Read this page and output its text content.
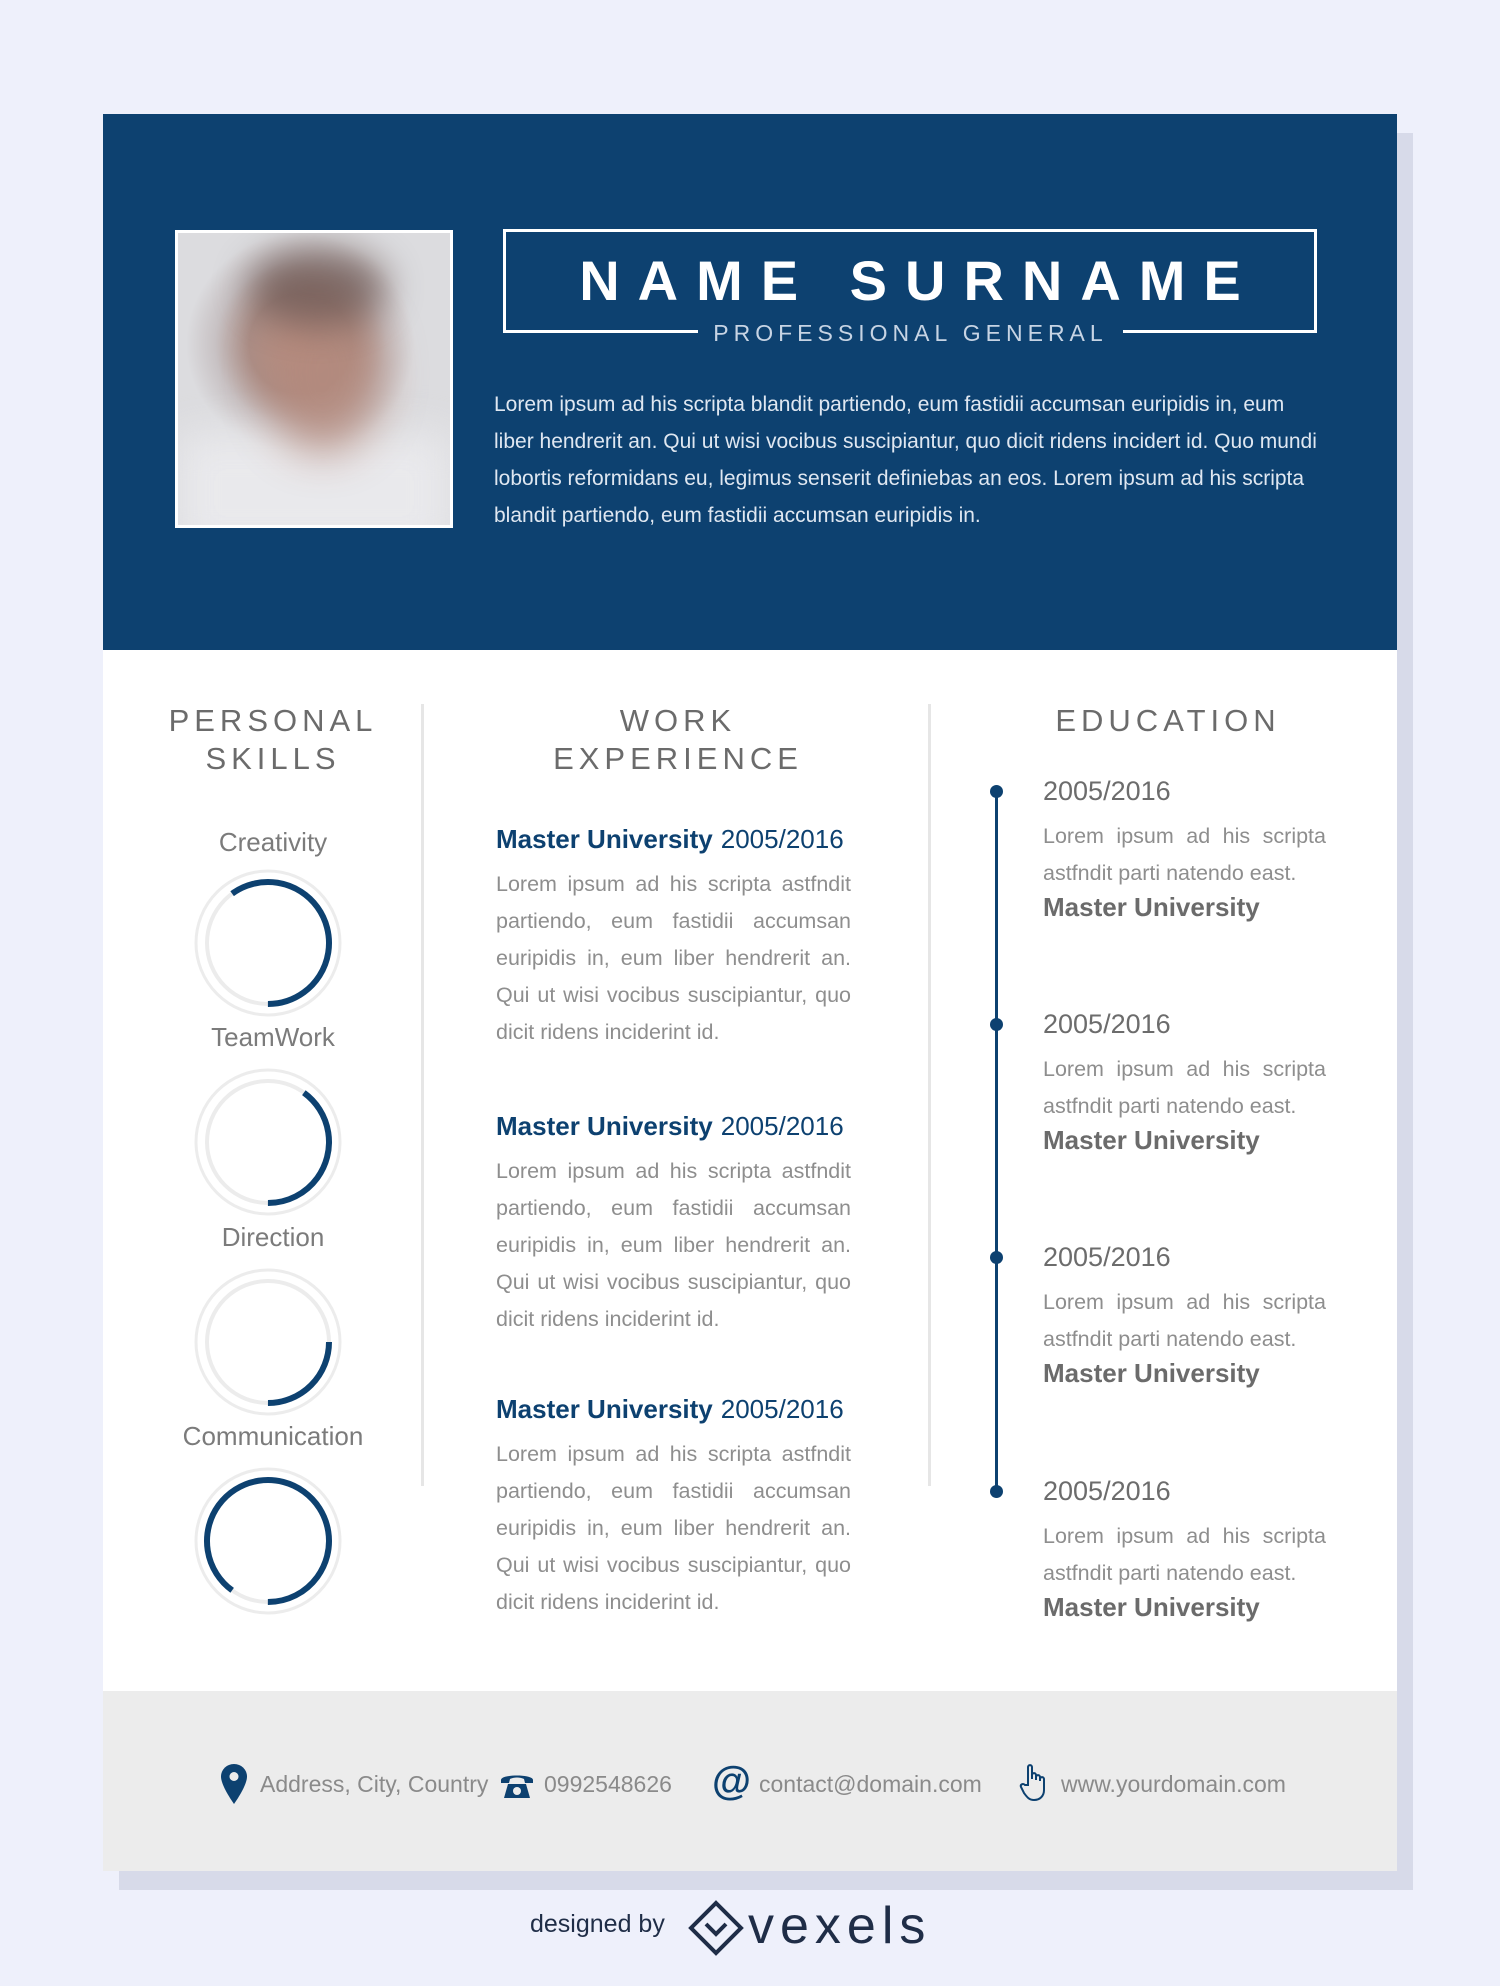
NAME SURNAME
PROFESSIONAL GENERAL
Lorem ipsum ad his scripta blandit partiendo, eum fastidii accumsan euripidis in, eum liber hendrerit an. Qui ut wisi vocibus suscipiantur, quo dicit ridens incidert id. Quo mundi lobortis reformidans eu, legimus senserit definiebas an eos. Lorem ipsum ad his scripta blandit partiendo, eum fastidii accumsan euripidis in.
PERSONAL
SKILLS
Creativity
TeamWork
Direction
Communication
WORK
EXPERIENCE
Master University 2005/2016
Lorem ipsum ad his scripta astfndit partiendo, eum fastidii accumsan euripidis in, eum liber hendrerit an. Qui ut wisi vocibus suscipiantur, quo dicit ridens inciderint id.
Master University 2005/2016
Lorem ipsum ad his scripta astfndit partiendo, eum fastidii accumsan euripidis in, eum liber hendrerit an. Qui ut wisi vocibus suscipiantur, quo dicit ridens inciderint id.
Master University 2005/2016
Lorem ipsum ad his scripta astfndit partiendo, eum fastidii accumsan euripidis in, eum liber hendrerit an. Qui ut wisi vocibus suscipiantur, quo dicit ridens inciderint id.
EDUCATION
2005/2016
Lorem ipsum ad his scripta astfndit parti natendo east.
Master University
2005/2016
Lorem ipsum ad his scripta astfndit parti natendo east.
Master University
2005/2016
Lorem ipsum ad his scripta astfndit parti natendo east.
Master University
2005/2016
Lorem ipsum ad his scripta astfndit parti natendo east.
Master University
Address, City, Country 0992548626 @ contact@domain.com	www.yourdomain.com
designed by vexels
